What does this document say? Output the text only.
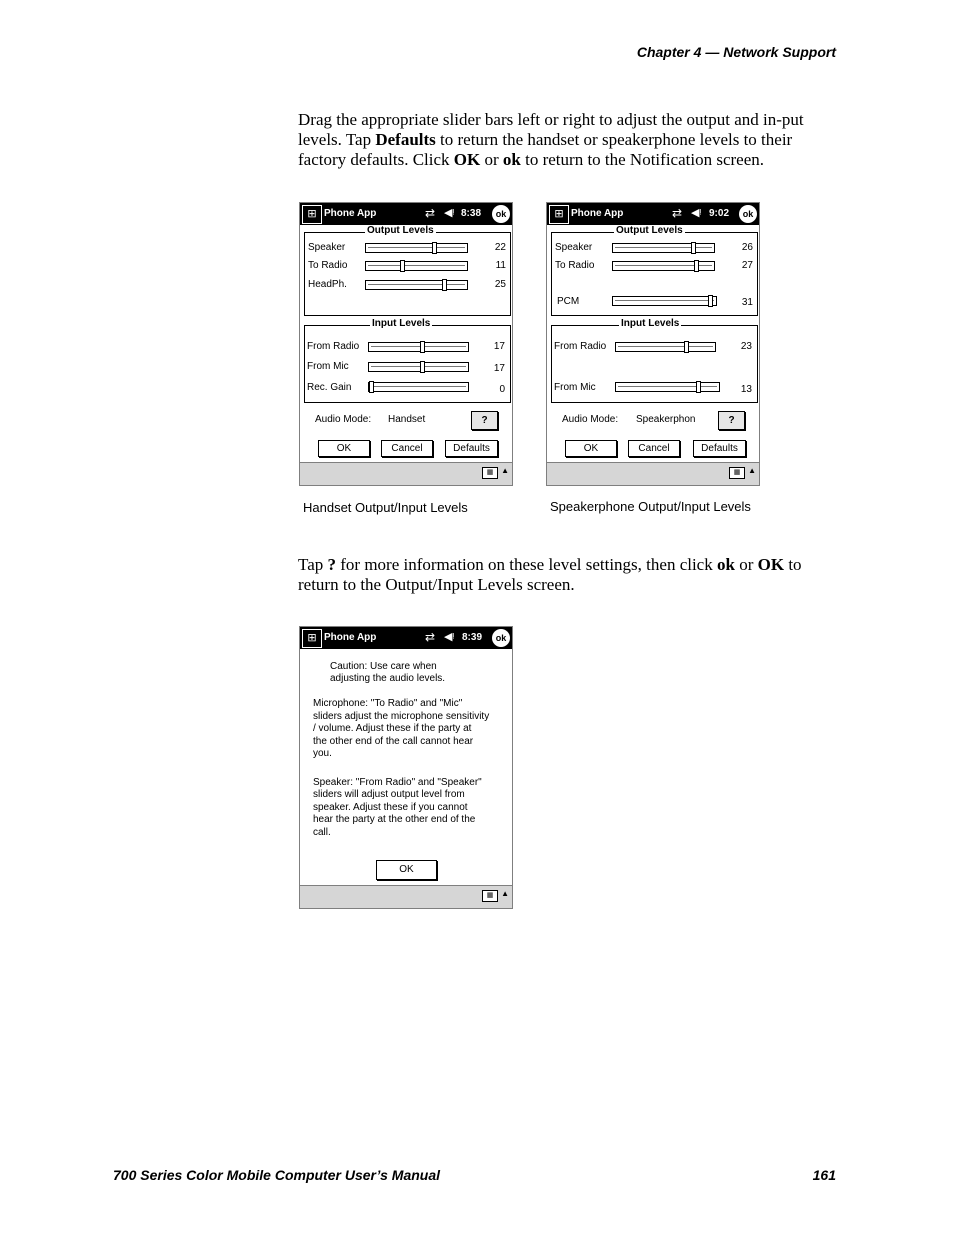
Chapter 4 — Network Support
Drag the appropriate slider bars left or right to adjust the output and in-put levels. Tap Defaults to return the handset or speakerphone levels to their factory defaults. Click OK or ok to return to the Notification screen.
⊞ Phone App	⇄ ◀ᵎ 8:38	ok
Output Levels
Speaker	22
To Radio	11
HeadPh.	25
Input Levels
From Radio	17
From Mic	17
Rec. Gain	0
Audio Mode: Handset	?
OK	Cancel	Defaults
▦ ▲
⊞ Phone App	⇄ ◀ᵎ 9:02	ok
Output Levels
Speaker	26
To Radio	27
PCM	31
Input Levels
From Radio	23
From Mic	13
Audio Mode: Speakerphon	?
OK	Cancel	Defaults
▦ ▲
Handset Output/Input Levels	Speakerphone Output/Input Levels
Tap ? for more information on these level settings, then click ok or OK to return to the Output/Input Levels screen.
⊞ Phone App	⇄ ◀ᵎ 8:39	ok
Caution: Use care when
adjusting the audio levels.
Microphone: "To Radio" and "Mic"
sliders adjust the microphone sensitivity
/ volume. Adjust these if the party at
the other end of the call cannot hear
you.
Speaker: "From Radio" and "Speaker"
sliders will adjust output level from
speaker. Adjust these if you cannot
hear the party at the other end of the
call.
OK
▦ ▲
700 Series Color Mobile Computer User’s Manual	161
